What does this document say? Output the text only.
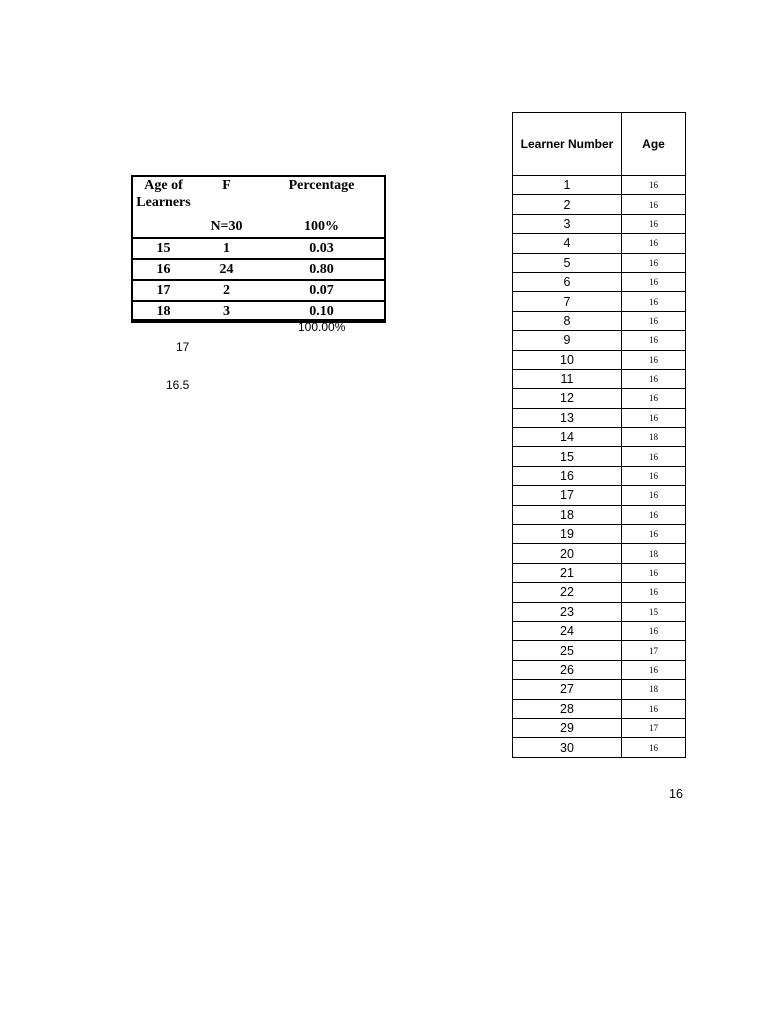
Age of
Learners	F	Percentage
	N=30	100%
15	1	0.03
16	24	0.80
17	2	0.07
18	3	0.10
100.00%
17
16.5
Learner Number	Age
1	16
2	16
3	16
4	16
5	16
6	16
7	16
8	16
9	16
10	16
11	16
12	16
13	16
14	18
15	16
16	16
17	16
18	16
19	16
20	18
21	16
22	16
23	15
24	16
25	17
26	16
27	18
28	16
29	17
30	16
16
